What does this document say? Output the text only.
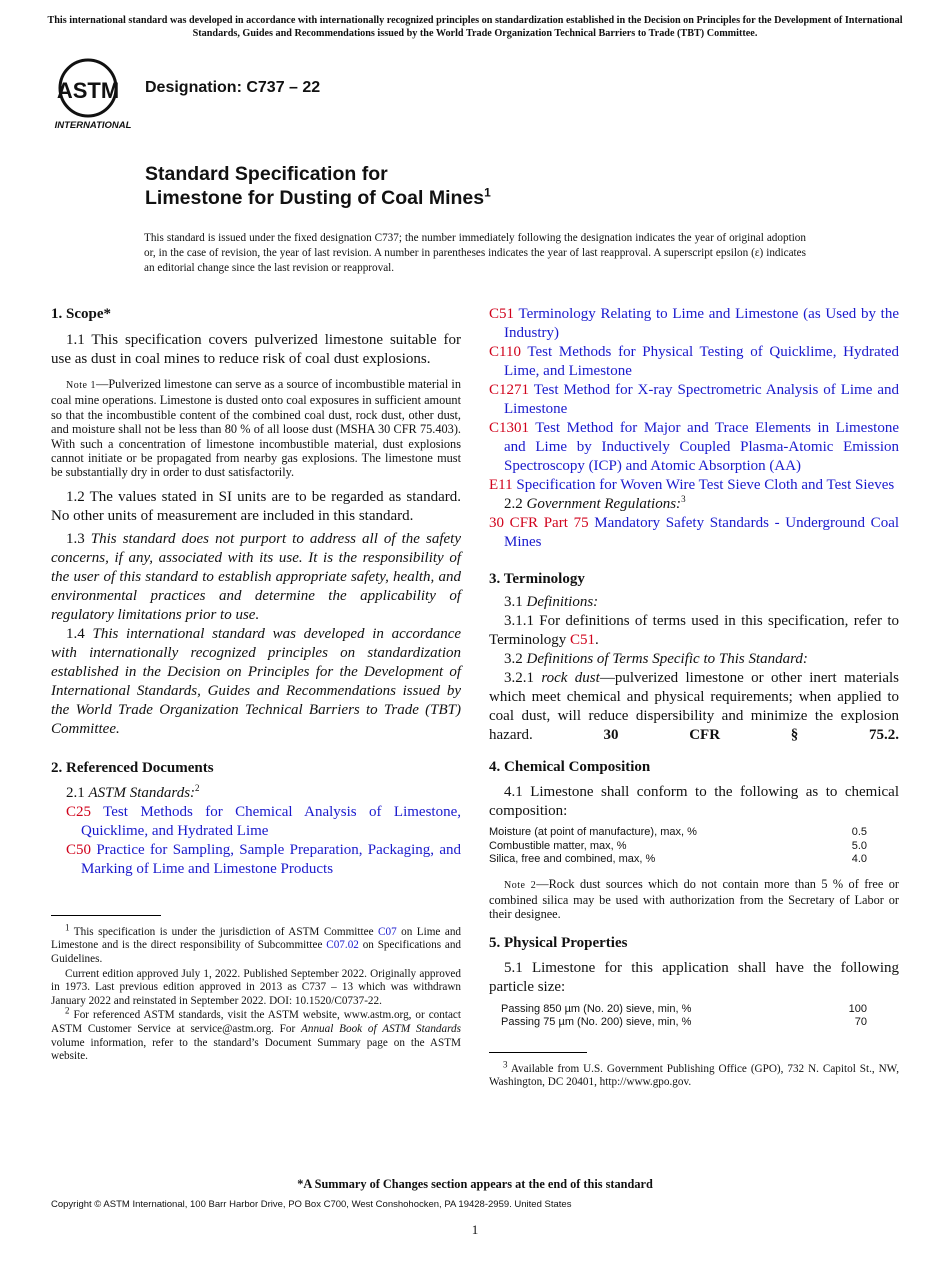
This international standard was developed in accordance with internationally recognized principles on standardization established in the Decision on Principles for the Development of International Standards, Guides and Recommendations issued by the World Trade Organization Technical Barriers to Trade (TBT) Committee.
ASTM
INTERNATIONAL
Designation: C737 – 22
Standard Specification for
Limestone for Dusting of Coal Mines$^1$
This standard is issued under the fixed designation C737; the number immediately following the designation indicates the year of original adoption or, in the case of revision, the year of last revision. A number in parentheses indicates the year of last reapproval. A superscript epsilon (ε) indicates an editorial change since the last revision or reapproval.

1. Scope*

1.1 This specification covers pulverized limestone suitable for use as dust in coal mines to reduce risk of coal dust explosions.

Note 1—Pulverized limestone can serve as a source of incombustible material in coal mine operations. Limestone is dusted onto coal exposures in sufficient amount so that the incombustible content of the combined coal dust, rock dust, other dust, and moisture shall not be less than 80 % of all loose dust (MSHA 30 CFR 75.403). With such a concentration of limestone incombustible material, dust explosions cannot initiate or be propagated from nearby gas explosions. The limestone must be substantially dry in order to dust satisfactorily.

1.2 The values stated in SI units are to be regarded as standard. No other units of measurement are included in this standard.

1.3 This standard does not purport to address all of the safety concerns, if any, associated with its use. It is the responsibility of the user of this standard to establish appropriate safety, health, and environmental practices and determine the applicability of regulatory limitations prior to use.

1.4 This international standard was developed in accordance with internationally recognized principles on standardization established in the Decision on Principles for the Development of International Standards, Guides and Recommendations issued by the World Trade Organization Technical Barriers to Trade (TBT) Committee.

2. Referenced Documents

2.1 ASTM Standards:$^2$

C25 Test Methods for Chemical Analysis of Limestone, Quicklime, and Hydrated Lime

C50 Practice for Sampling, Sample Preparation, Packaging, and Marking of Lime and Limestone Products

$^1$ This specification is under the jurisdiction of ASTM Committee C07 on Lime and Limestone and is the direct responsibility of Subcommittee C07.02 on Specifications and Guidelines.

Current edition approved July 1, 2022. Published September 2022. Originally approved in 1973. Last previous edition approved in 2013 as C737 – 13 which was withdrawn January 2022 and reinstated in September 2022. DOI: 10.1520/C0737-22.

$^2$ For referenced ASTM standards, visit the ASTM website, www.astm.org, or contact ASTM Customer Service at service@astm.org. For Annual Book of ASTM Standards volume information, refer to the standard’s Document Summary page on the ASTM website.

C51 Terminology Relating to Lime and Limestone (as Used by the Industry)

C110 Test Methods for Physical Testing of Quicklime, Hydrated Lime, and Limestone

C1271 Test Method for X-ray Spectrometric Analysis of Lime and Limestone

C1301 Test Method for Major and Trace Elements in Limestone and Lime by Inductively Coupled Plasma-Atomic Emission Spectroscopy (ICP) and Atomic Absorption (AA)

E11 Specification for Woven Wire Test Sieve Cloth and Test Sieves

2.2 Government Regulations:$^3$

30 CFR Part 75 Mandatory Safety Standards - Underground Coal Mines

3. Terminology

3.1 Definitions:

3.1.1 For definitions of terms used in this specification, refer to Terminology C51.

3.2 Definitions of Terms Specific to This Standard:

3.2.1 rock dust—pulverized limestone or other inert materials which meet chemical and physical requirements; when applied to coal dust, will reduce dispersibility and minimize the explosion hazard.	30 CFR § 75.2.

4. Chemical Composition

4.1 Limestone shall conform to the following as to chemical composition:

Moisture (at point of manufacture), max, %	0.5
Combustible matter, max, %	5.0
Silica, free and combined, max, %	4.0

Note 2—Rock dust sources which do not contain more than 5 % of free or combined silica may be used with authorization from the Secretary of Labor or their designee.

5. Physical Properties

5.1 Limestone for this application shall have the following particle size:

Passing 850 µm (No. 20) sieve, min, %	100
Passing 75 µm (No. 200) sieve, min, %	70

$^3$ Available from U.S. Government Publishing Office (GPO), 732 N. Capitol St., NW, Washington, DC 20401, http://www.gpo.gov.

*A Summary of Changes section appears at the end of this standard
Copyright © ASTM International, 100 Barr Harbor Drive, PO Box C700, West Conshohocken, PA 19428-2959. United States
1
